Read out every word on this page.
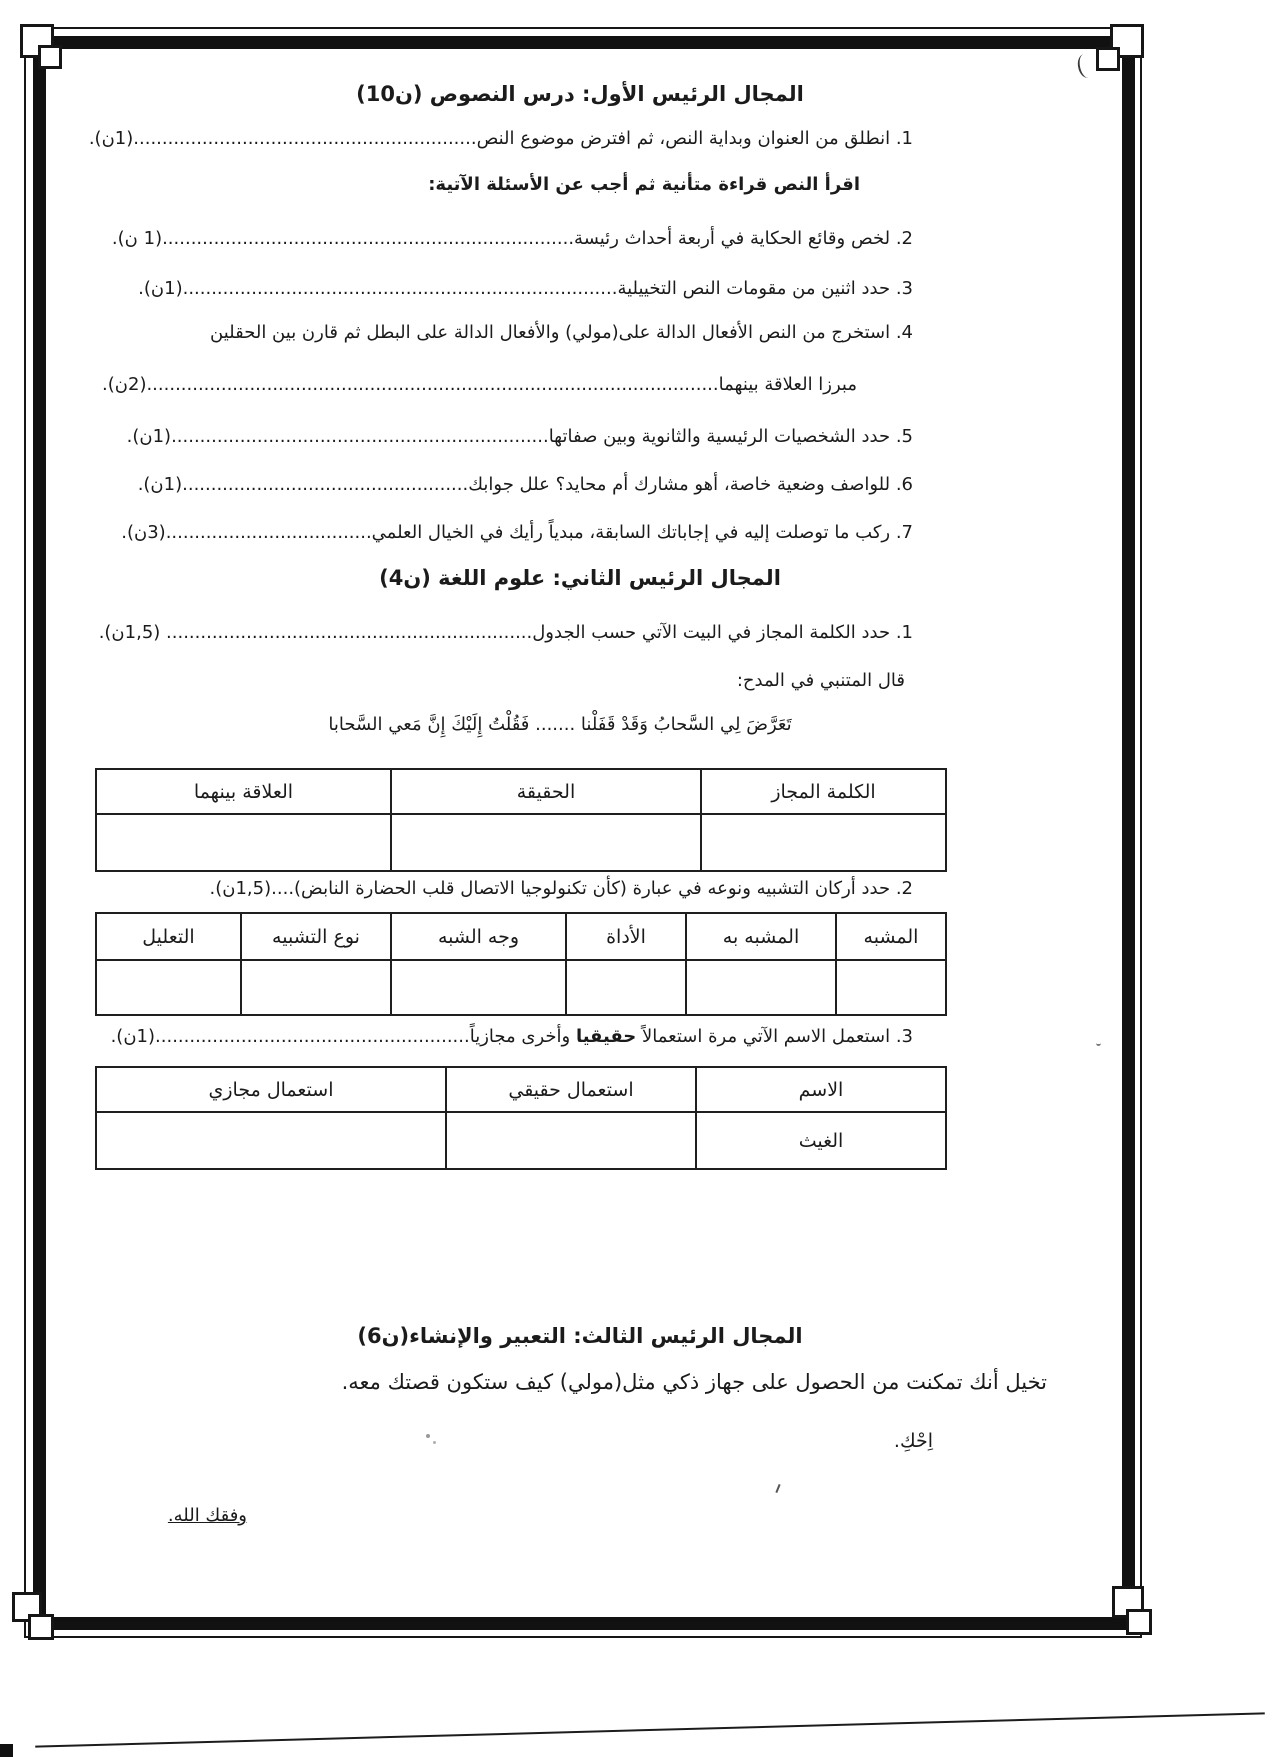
المجال الرئيس الأول: درس النصوص (ن10)
1. انطلق من العنوان وبداية النص، ثم افترض موضوع النص............................................................(1ن).
اقرأ النص قراءة متأنية ثم أجب عن الأسئلة الآتية:
2. لخص وقائع الحكاية في أربعة أحداث رئيسة........................................................................(1 ن).
3. حدد اثنين من مقومات النص التخييلية............................................................................(1ن).
4. استخرج من النص الأفعال الدالة على(مولي) والأفعال الدالة على البطل ثم قارن بين الحقلين
مبرزا العلاقة بينهما....................................................................................................(2ن).
5. حدد الشخصيات الرئيسية والثانوية وبين صفاتها..................................................................(1ن).
6. للواصف وضعية خاصة، أهو مشارك أم محايد؟ علل جوابك..................................................(1ن).
7. ركب ما توصلت إليه في إجاباتك السابقة، مبدياً رأيك في الخيال العلمي....................................(3ن).
المجال الرئيس الثاني: علوم اللغة (ن4)
1. حدد الكلمة المجاز في البيت الآتي حسب الجدول................................................................ (1,5ن).
قال المتنبي في المدح:
تَعَرَّضَ لِي السَّحابُ وَقَدْ قَفَلْنا ....... فَقُلْتُ إِلَيْكَ إِنَّ مَعي السَّحابا
الكلمة المجاز	الحقيقة	العلاقة بينهما

2. حدد أركان التشبيه ونوعه في عبارة (كأن تكنولوجيا الاتصال قلب الحضارة النابض)....(1,5ن).
المشبه	المشبه به	الأداة	وجه الشبه	نوع التشبيه	التعليل

3. استعمل الاسم الآتي مرة استعمالاً حقيقيا وأخرى مجازياً.......................................................(1ن).
الاسم	استعمال حقيقي	استعمال مجازي
الغيث		
المجال الرئيس الثالث: التعبير والإنشاء(ن6)
تخيل أنك تمكنت من الحصول على جهاز ذكي مثل(مولي) كيف ستكون قصتك معه.
اِحْكِ.
وفقك الله.
